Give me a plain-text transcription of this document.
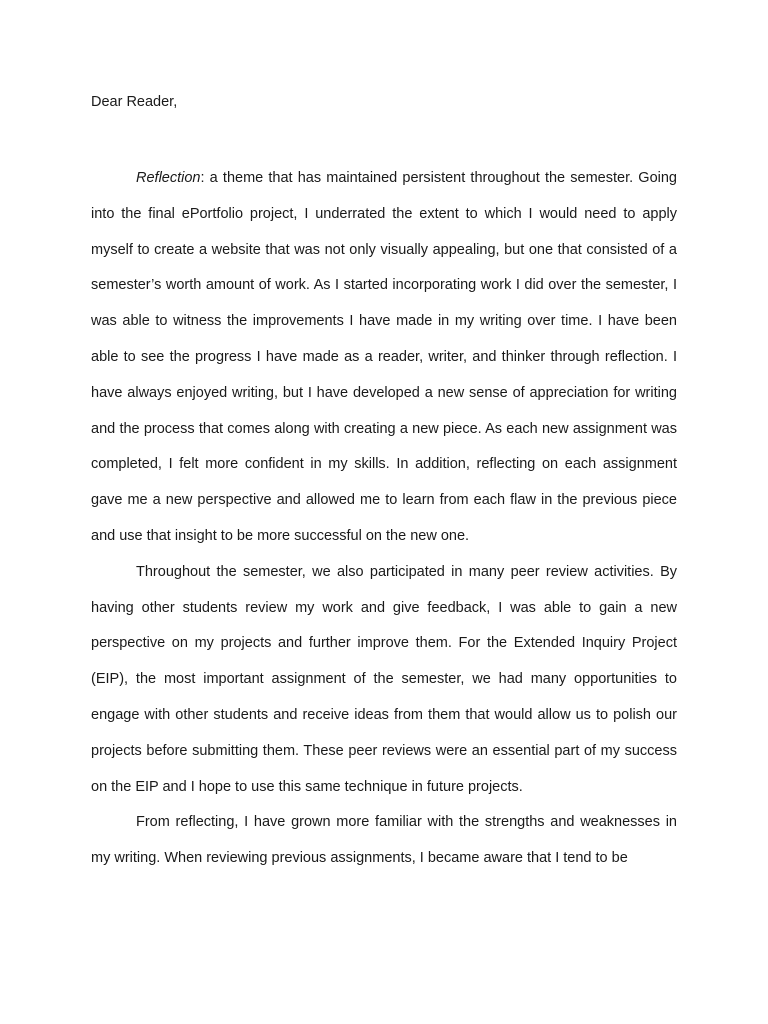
Dear Reader,

Reflection: a theme that has maintained persistent throughout the semester. Going into the final ePortfolio project, I underrated the extent to which I would need to apply myself to create a website that was not only visually appealing, but one that consisted of a semester’s worth amount of work. As I started incorporating work I did over the semester, I was able to witness the improvements I have made in my writing over time. I have been able to see the progress I have made as a reader, writer, and thinker through reflection. I have always enjoyed writing, but I have developed a new sense of appreciation for writing and the process that comes along with creating a new piece. As each new assignment was completed, I felt more confident in my skills. In addition, reflecting on each assignment gave me a new perspective and allowed me to learn from each flaw in the previous piece and use that insight to be more successful on the new one.

Throughout the semester, we also participated in many peer review activities. By having other students review my work and give feedback, I was able to gain a new perspective on my projects and further improve them. For the Extended Inquiry Project (EIP), the most important assignment of the semester, we had many opportunities to engage with other students and receive ideas from them that would allow us to polish our projects before submitting them. These peer reviews were an essential part of my success on the EIP and I hope to use this same technique in future projects.

From reflecting, I have grown more familiar with the strengths and weaknesses in my writing. When reviewing previous assignments, I became aware that I tend to be
